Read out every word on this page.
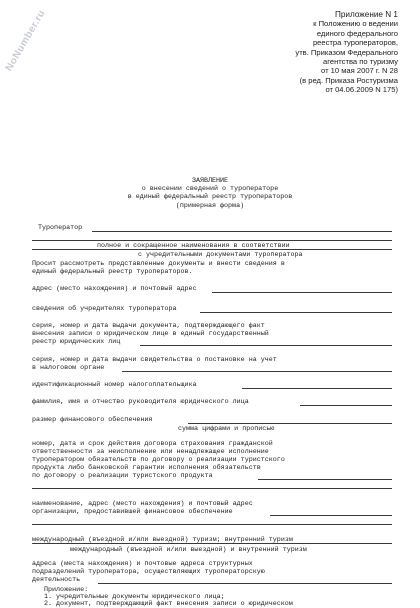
NoNumber.ru	Приложение N 1
к Положению о ведении
единого федерального
реестра туроператоров,
утв. Приказом Федерального
агентства по туризму
от 10 мая 2007 г. N 28
(в ред. Приказа Ростуризма
от 04.06.2009 N 175)
ЗАЯВЛЕНИЕ
о внесении сведений о туроператоре
в единый федеральный реестр туроператоров
(примерная форма)
Туроператор
полное и сокращенное наименования в соответствии
с учредительными документами туроператора
Просит рассмотреть представленные документы и внести сведения в
единый федеральный реестр туроператоров.
адрес (место нахождения) и почтовый адрес
сведения об учредителях туроператора
серия, номер и дата выдачи документа, подтверждающего факт
внесения записи о юридическом лице в единый государственный
реестр юридических лиц
серия, номер и дата выдачи свидетельства о постановке на учет
в налоговом органе
идентификационный номер налогоплательщика
фамилия, имя и отчество руководителя юридического лица
размер финансового обеспечения
сумма цифрами и прописью
номер, дата и срок действия договора страхования гражданской
ответственности за неисполнение или ненадлежащее исполнение
туроператором обязательств по договору о реализации туристского
продукта либо банковской гарантии исполнения обязательств
по договору о реализации туристского продукта
наименование, адрес (место нахождения) и почтовый адрес
организации, предоставившей финансовое обеспечение
международный (въездной и/или выездной) туризм; внутренний туризм
международный (въездной и/или выездной) и внутренний туризм
адреса (места нахождения) и почтовые адреса структурных
подразделений туроператора, осуществляющих туроператорскую
деятельность
Приложение:
1. учредительные документы юридического лица;
2. документ, подтверждающий факт внесения записи о юридическом
